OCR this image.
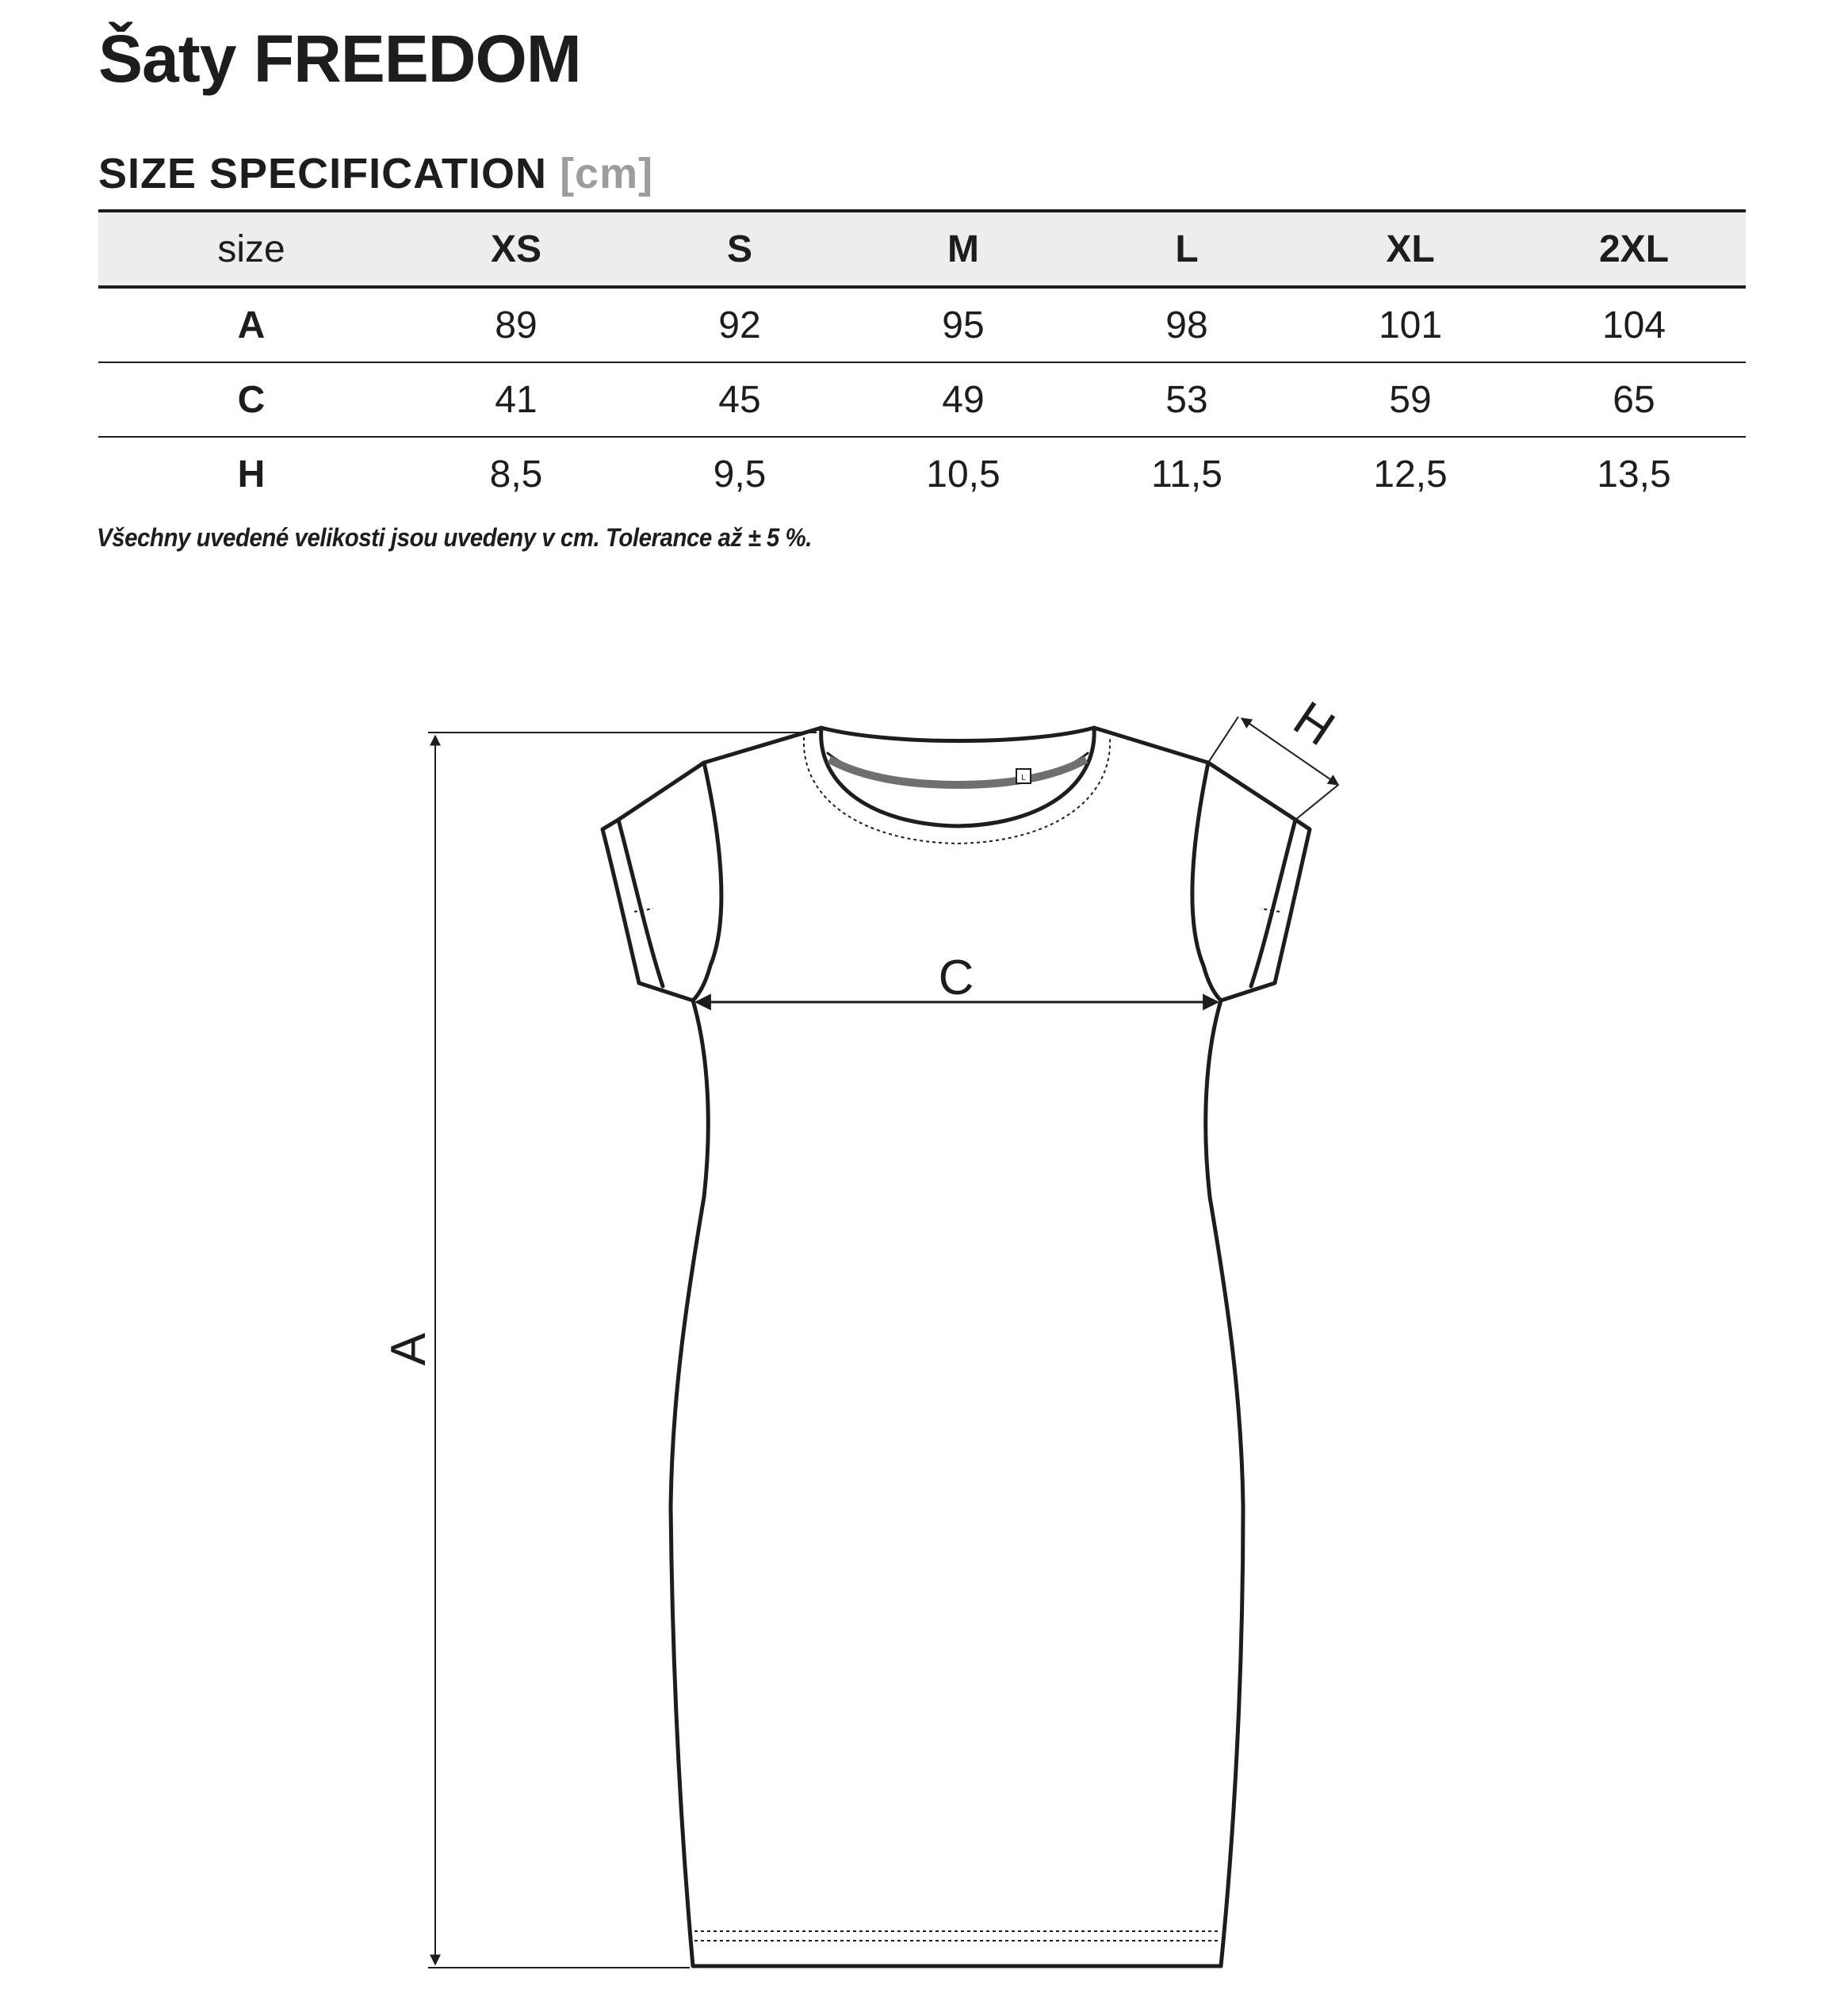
Šaty FREEDOM
SIZE SPECIFICATION [cm]
size	XS	S	M	L	XL	2XL
A	89	92	95	98	101	104
C	41	45	49	53	59	65
H	8,5	9,5	10,5	11,5	12,5	13,5

Všechny uvedené velikosti jsou uvedeny v cm. Tolerance až ± 5 %.

L
A
C
H
